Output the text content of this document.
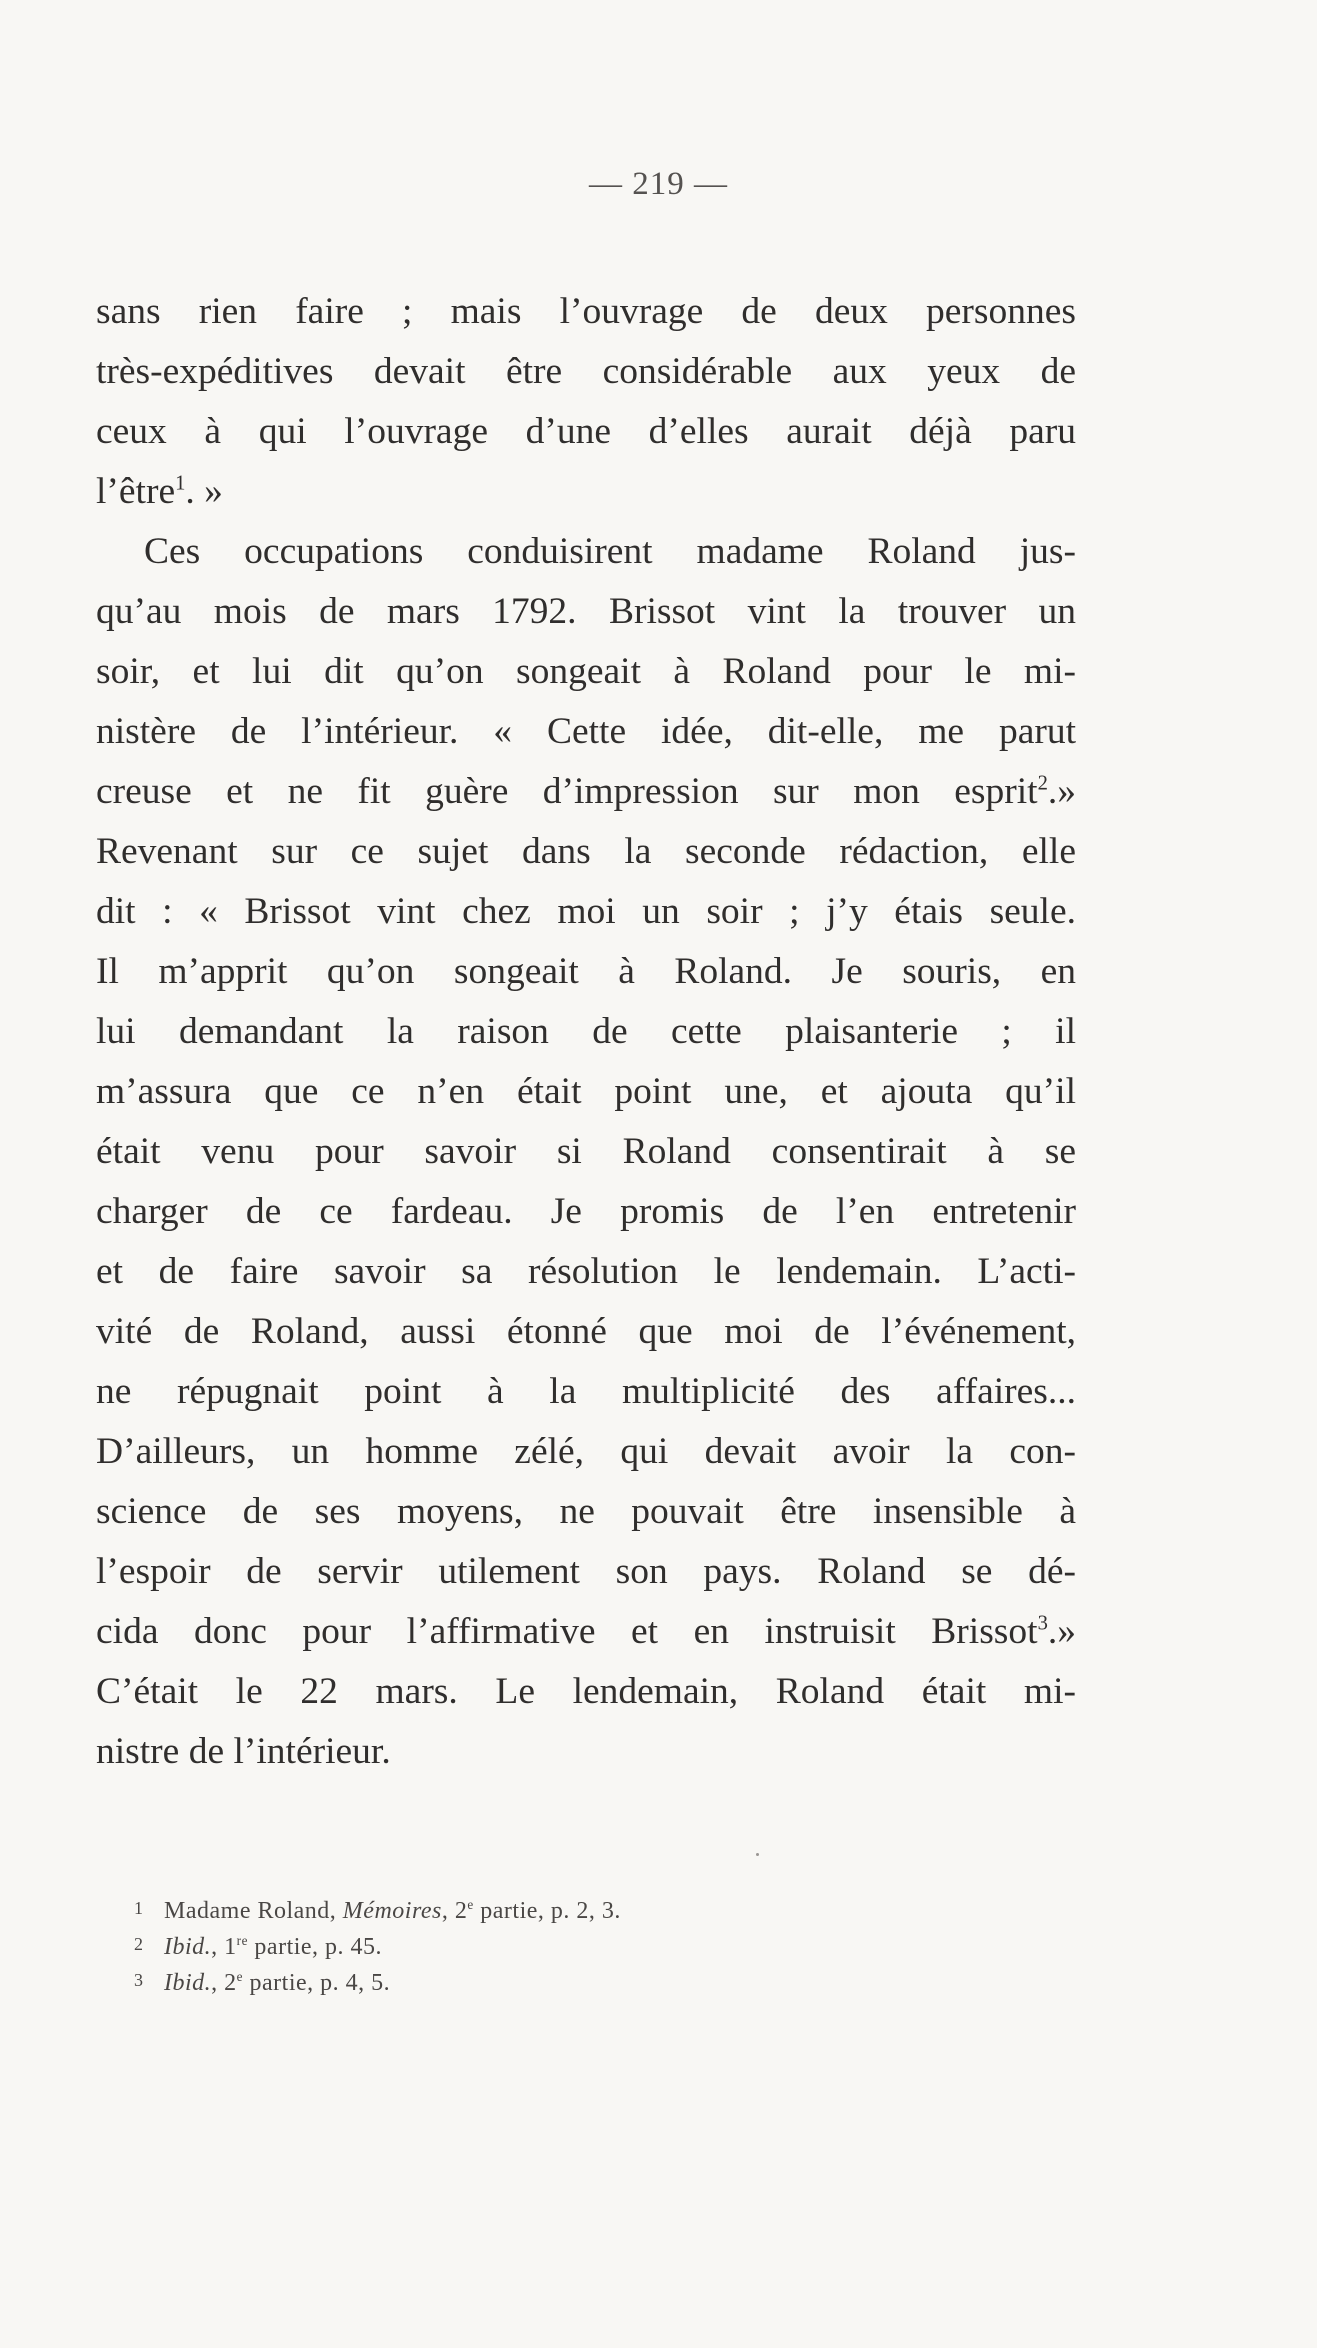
— 219 —
sans rien faire ; mais l’ouvrage de deux personnes
très-expéditives devait être considérable aux yeux de
ceux à qui l’ouvrage d’une d’elles aurait déjà paru
l’être$^1$. »
Ces occupations conduisirent madame Roland jus-
qu’au mois de mars 1792. Brissot vint la trouver un
soir, et lui dit qu’on songeait à Roland pour le mi-
nistère de l’intérieur. « Cette idée, dit-elle, me parut
creuse et ne fit guère d’impression sur mon esprit$^2$.»
Revenant sur ce sujet dans la seconde rédaction, elle
dit : « Brissot vint chez moi un soir ; j’y étais seule.
Il m’apprit qu’on songeait à Roland. Je souris, en
lui demandant la raison de cette plaisanterie ; il
m’assura que ce n’en était point une, et ajouta qu’il
était venu pour savoir si Roland consentirait à se
charger de ce fardeau. Je promis de l’en entretenir
et de faire savoir sa résolution le lendemain. L’acti-
vité de Roland, aussi étonné que moi de l’événement,
ne répugnait point à la multiplicité des affaires...
D’ailleurs, un homme zélé, qui devait avoir la con-
science de ses moyens, ne pouvait être insensible à
l’espoir de servir utilement son pays. Roland se dé-
cida donc pour l’affirmative et en instruisit Brissot$^3$.»
C’était le 22 mars. Le lendemain, Roland était mi-
nistre de l’intérieur.
1 Madame Roland, Mémoires, 2e partie, p. 2, 3.
2 Ibid., 1re partie, p. 45.
3 Ibid., 2e partie, p. 4, 5.
